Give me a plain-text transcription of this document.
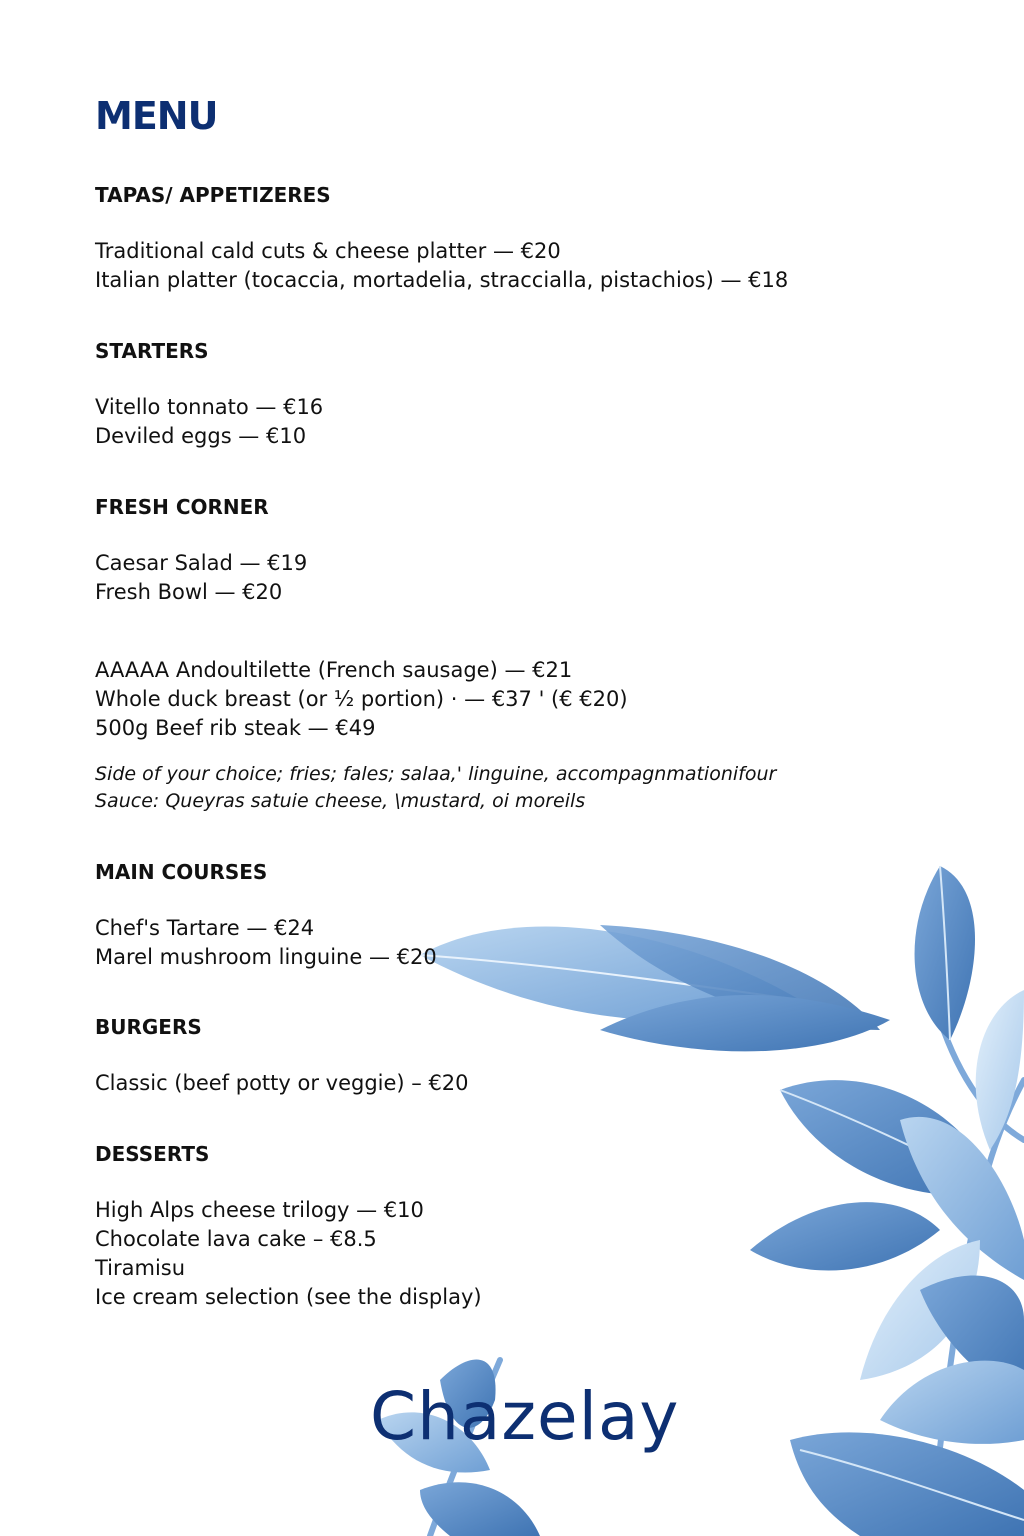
MENU
TAPAS/ APPETIZERES

Traditional cald cuts & cheese platter — €20

Italian platter (tocaccia, mortadelia, straccialla, pistachios) — €18

STARTERS

Vitello tonnato — €16

Deviled eggs — €10

FRESH CORNER

Caesar Salad — €19

Fresh Bowl — €20

AAAAA Andoultilette (French sausage) — €21

Whole duck breast (or ½ portion) · — €37 ' (€ €20)

500g Beef rib steak — €49

Side of your choice; fries; fales; salaa,' linguine, accompagnmationifour

Sauce: Queyras satuie cheese, \mustard, oi moreils

MAIN COURSES

Chef's Tartare — €24

Marel mushroom linguine — €20

BURGERS

Classic (beef potty or veggie) – €20

DESSERTS

High Alps cheese trilogy — €10

Chocolate lava cake – €8.5

Tiramisu

Ice cream selection (see the display)

Chazelay
